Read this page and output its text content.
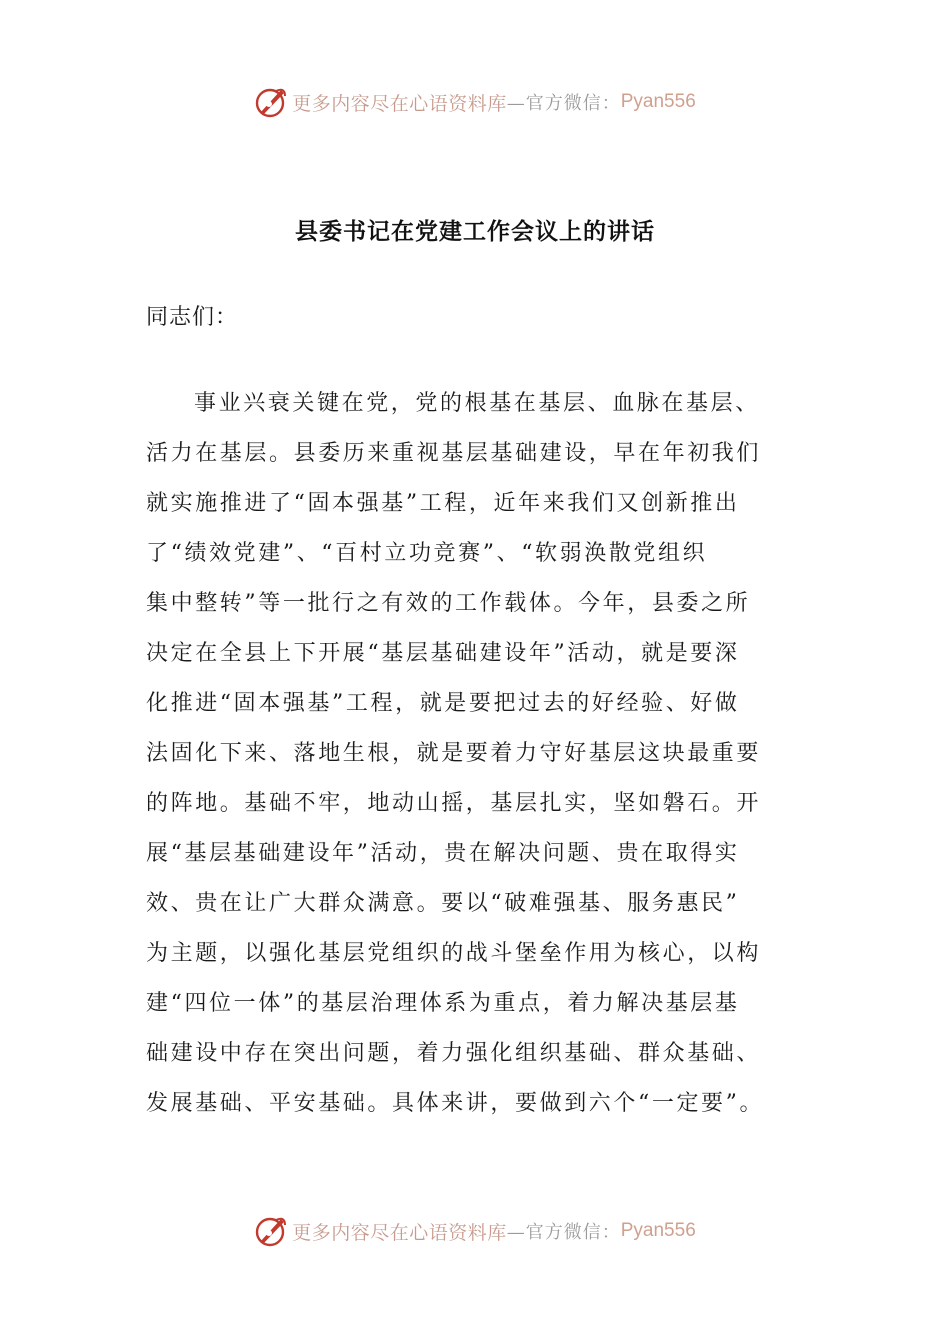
更多内容尽在心语资料库 —官方微信： Pyan556
县委书记在党建工作会议上的讲话
同志们：
事业兴衰关键在党，党的根基在基层、血脉在基层、
活力在基层。县委历来重视基层基础建设，早在年初我们
就实施推进了“固本强基”工程，近年来我们又创新推出
了“绩效党建”、“百村立功竞赛”、“软弱涣散党组织
集中整转”等一批行之有效的工作载体。今年，县委之所
决定在全县上下开展“基层基础建设年”活动，就是要深
化推进“固本强基”工程，就是要把过去的好经验、好做
法固化下来、落地生根，就是要着力守好基层这块最重要
的阵地。基础不牢，地动山摇，基层扎实，坚如磐石。开
展“基层基础建设年”活动，贵在解决问题、贵在取得实
效、贵在让广大群众满意。要以“破难强基、服务惠民”
为主题，以强化基层党组织的战斗堡垒作用为核心，以构
建“四位一体”的基层治理体系为重点，着力解决基层基
础建设中存在突出问题，着力强化组织基础、群众基础、
发展基础、平安基础。具体来讲，要做到六个“一定要”。
更多内容尽在心语资料库 —官方微信： Pyan556
